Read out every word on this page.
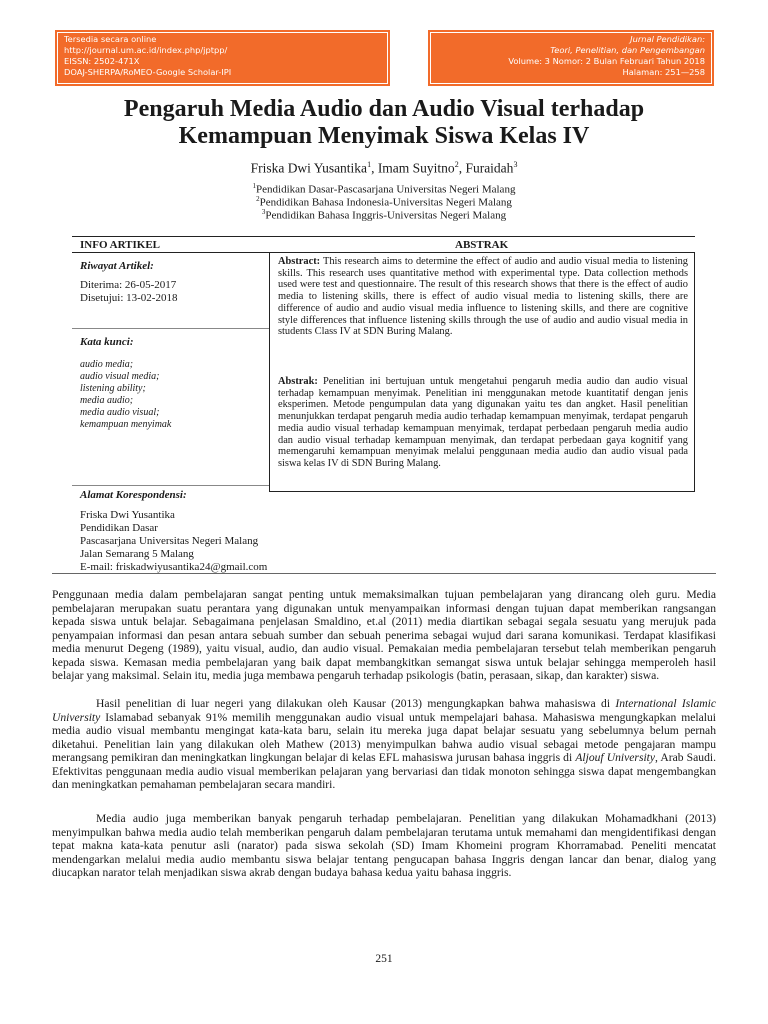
Tersedia secara online
http://journal.um.ac.id/index.php/jptpp/
EISSN: 2502-471X
DOAJ-SHERPA/RoMEO-Google Scholar-IPI
Jurnal Pendidikan:
Teori, Penelitian, dan Pengembangan
Volume: 3 Nomor: 2 Bulan Februari Tahun 2018
Halaman: 251—258
Pengaruh Media Audio dan Audio Visual terhadap
Kemampuan Menyimak Siswa Kelas IV
Friska Dwi Yusantika$^1$, Imam Suyitno$^2$, Furaidah$^3$
$^1$Pendidikan Dasar-Pascasarjana Universitas Negeri Malang
$^2$Pendidikan Bahasa Indonesia-Universitas Negeri Malang
$^3$Pendidikan Bahasa Inggris-Universitas Negeri Malang
INFO ARTIKEL	ABSTRAK
Riwayat Artikel:
Diterima: 26-05-2017
Disetujui: 13-02-2018
Kata kunci:
audio media;
audio visual media;
listening ability;
media audio;
media audio visual;
kemampuan menyimak
Alamat Korespondensi:
Friska Dwi Yusantika
Pendidikan Dasar
Pascasarjana Universitas Negeri Malang
Jalan Semarang 5 Malang
E-mail: friskadwiyusantika24@gmail.com
Abstract: This research aims to determine the effect of audio and audio visual media to listening skills. This research uses quantitative method with experimental type. Data collection methods used were test and questionnaire. The result of this research shows that there is the effect of audio media to listening skills, there is effect of audio visual media to listening skills, there are difference of audio and audio visual media influence to listening skills, and there are cognitive style differences that influence listening skills through the use of audio and audio visual media in students Class IV at SDN Buring Malang.
Abstrak: Penelitian ini bertujuan untuk mengetahui pengaruh media audio dan audio visual terhadap kemampuan menyimak. Penelitian ini menggunakan metode kuantitatif dengan jenis eksperimen. Metode pengumpulan data yang digunakan yaitu tes dan angket. Hasil penelitian menunjukkan terdapat pengaruh media audio terhadap kemampuan menyimak, terdapat pengaruh media audio visual terhadap kemampuan menyimak, terdapat perbedaan pengaruh media audio dan audio visual terhadap kemampuan menyimak, dan terdapat perbedaan gaya kognitif yang memengaruhi kemampuan menyimak melalui penggunaan media audio dan audio visual pada siswa kelas IV di SDN Buring Malang.
Penggunaan media dalam pembelajaran sangat penting untuk memaksimalkan tujuan pembelajaran yang dirancang oleh guru. Media pembelajaran merupakan suatu perantara yang digunakan untuk menyampaikan informasi dengan tujuan dapat memberikan rangsangan kepada siswa untuk belajar. Sebagaimana penjelasan Smaldino, et.al (2011) media diartikan sebagai segala sesuatu yang merujuk pada penyampaian informasi dan pesan antara sebuah sumber dan sebuah penerima sebagai wujud dari sarana komunikasi. Terdapat klasifikasi media menurut Degeng (1989), yaitu visual, audio, dan audio visual. Pemakaian media pembelajaran tersebut telah memberikan pengaruh kepada siswa. Kemasan media pembelajaran yang baik dapat membangkitkan semangat siswa untuk belajar sehingga memperoleh hasil belajar yang maksimal. Selain itu, media juga membawa pengaruh terhadap psikologis (batin, perasaan, sikap, dan karakter) siswa.
Hasil penelitian di luar negeri yang dilakukan oleh Kausar (2013) mengungkapkan bahwa mahasiswa di International Islamic University Islamabad sebanyak 91% memilih menggunakan audio visual untuk mempelajari bahasa. Mahasiswa mengungkapkan melalui media audio visual membantu mengingat kata-kata baru, selain itu mereka juga dapat belajar sesuatu yang sebelumnya belum pernah diketahui. Penelitian lain yang dilakukan oleh Mathew (2013) menyimpulkan bahwa audio visual sebagai metode pengajaran mampu merangsang pemikiran dan meningkatkan lingkungan belajar di kelas EFL mahasiswa jurusan bahasa inggris di Aljouf University, Arab Saudi. Efektivitas penggunaan media audio visual memberikan pelajaran yang bervariasi dan tidak monoton sehingga siswa dapat mengembangkan dan meningkatkan pemahaman pembelajaran secara mandiri.
Media audio juga memberikan banyak pengaruh terhadap pembelajaran. Penelitian yang dilakukan Mohamadkhani (2013) menyimpulkan bahwa media audio telah memberikan pengaruh dalam pembelajaran terutama untuk memahami dan mengidentifikasi dengan tepat makna kata-kata penutur asli (narator) pada siswa sekolah (SD) Imam Khomeini program Khorramabad. Peneliti mencatat mendengarkan melalui media audio membantu siswa belajar tentang pengucapan bahasa Inggris dengan lancar dan benar, dialog yang diucapkan narator telah menjadikan siswa akrab dengan budaya bahasa kedua yaitu bahasa inggris.
251
